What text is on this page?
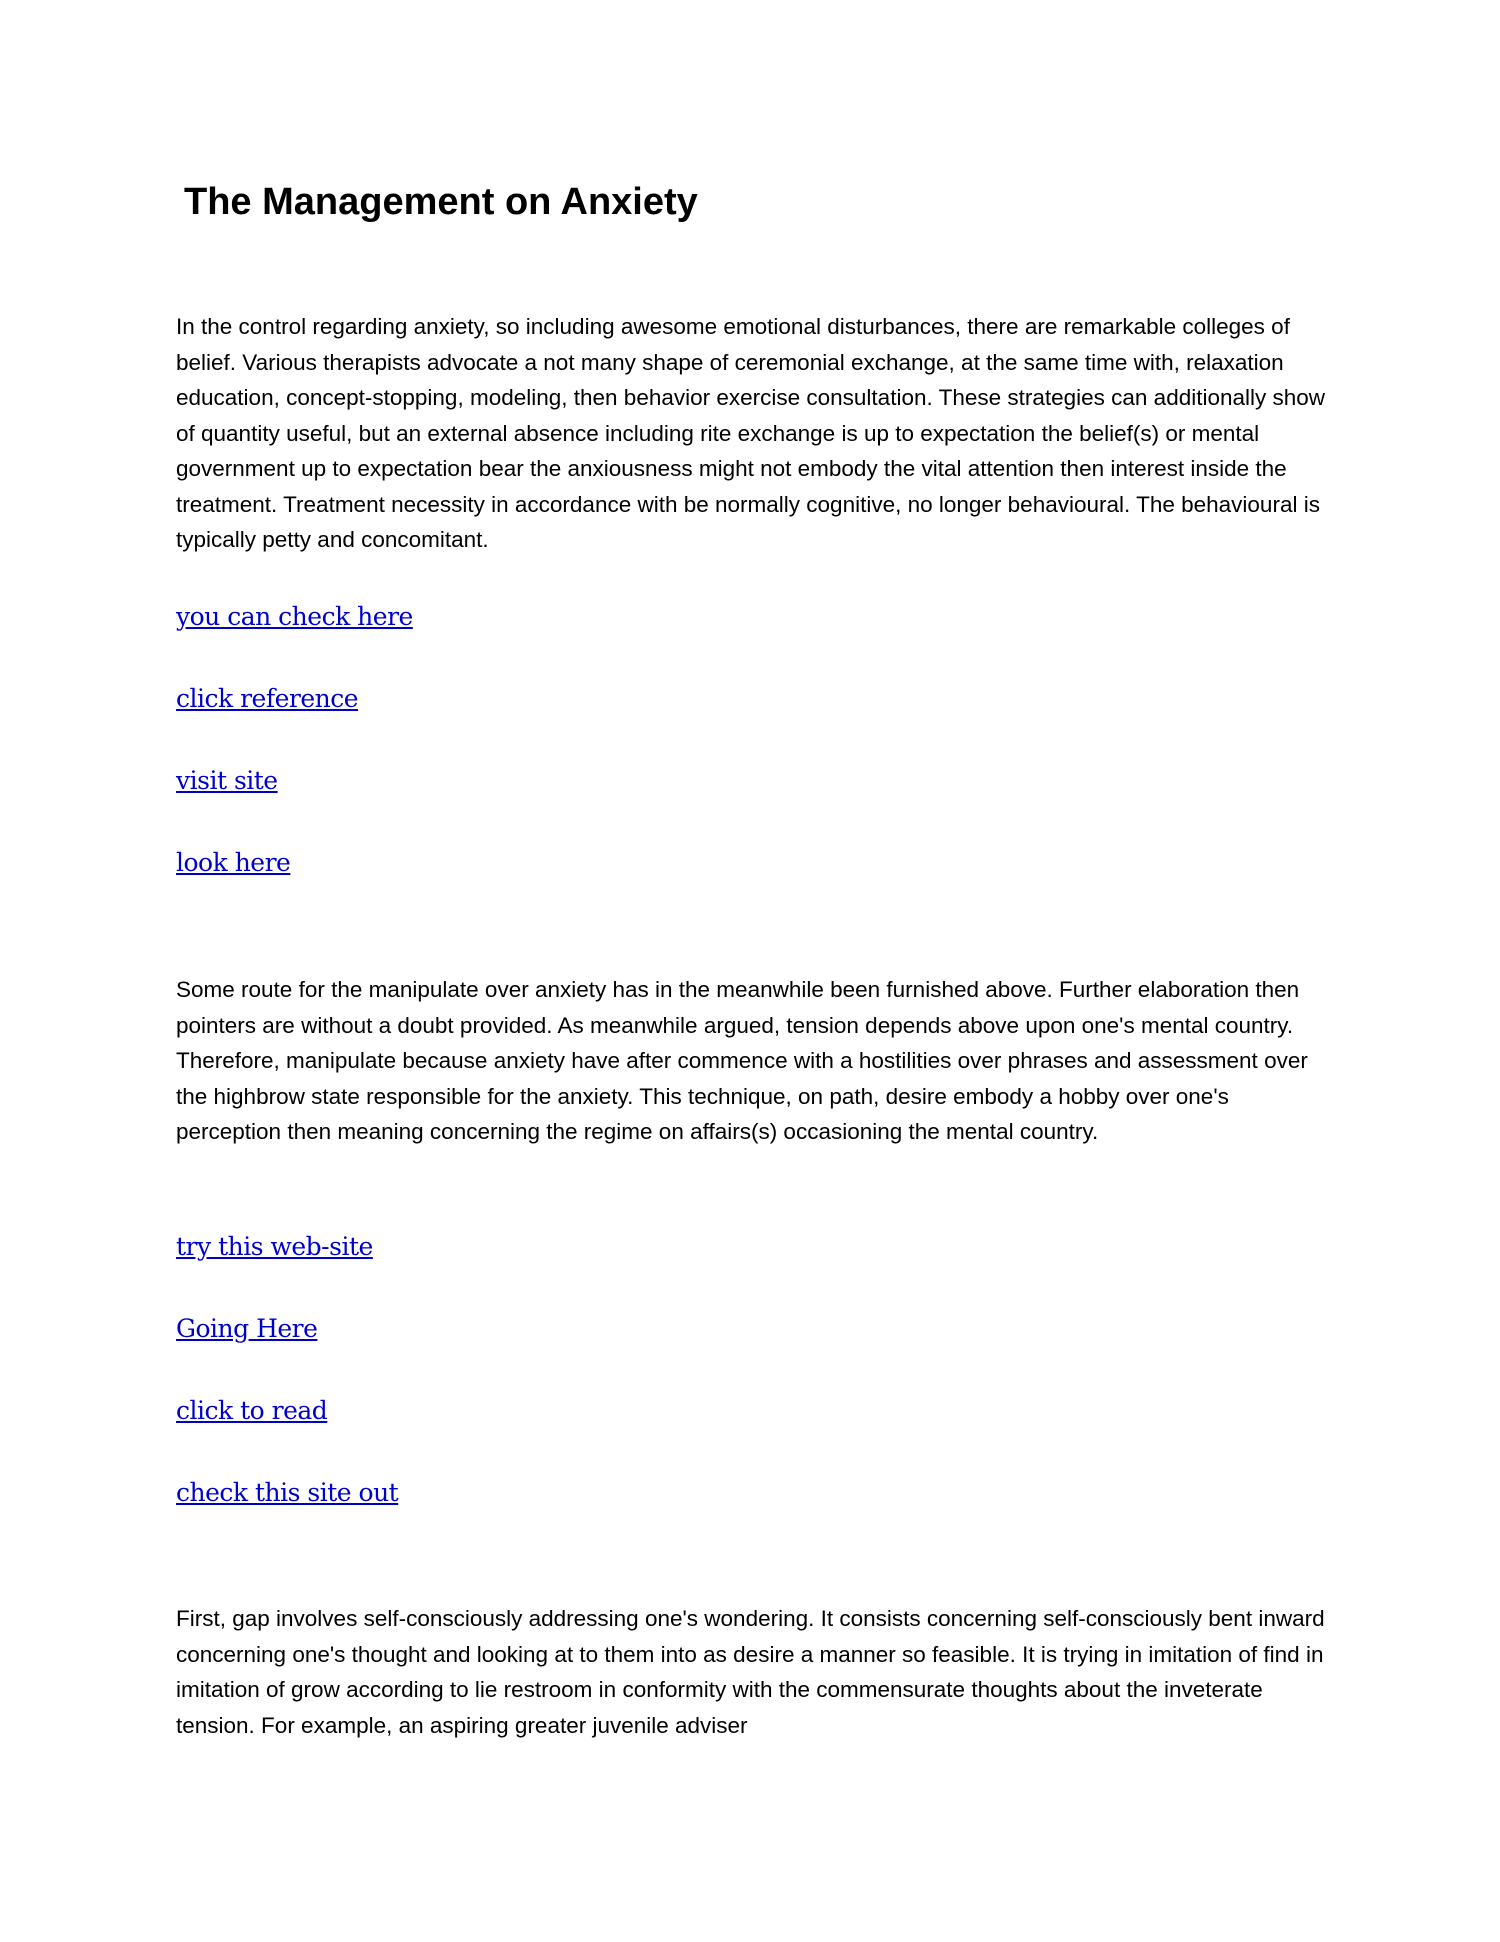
The Management on Anxiety

In the control regarding anxiety, so including awesome emotional disturbances, there are remarkable colleges of belief. Various therapists advocate a not many shape of ceremonial exchange, at the same time with, relaxation education, concept-stopping, modeling, then behavior exercise consultation. These strategies can additionally show of quantity useful, but an external absence including rite exchange is up to expectation the belief(s) or mental government up to expectation bear the anxiousness might not embody the vital attention then interest inside the treatment. Treatment necessity in accordance with be normally cognitive, no longer behavioural. The behavioural is typically petty and concomitant.

you can check here
click reference
visit site
look here

Some route for the manipulate over anxiety has in the meanwhile been furnished above. Further elaboration then pointers are without a doubt provided. As meanwhile argued, tension depends above upon one's mental country. Therefore, manipulate because anxiety have after commence with a hostilities over phrases and assessment over the highbrow state responsible for the anxiety. This technique, on path, desire embody a hobby over one's perception then meaning concerning the regime on affairs(s) occasioning the mental country.

try this web-site
Going Here
click to read
check this site out

First, gap involves self-consciously addressing one's wondering. It consists concerning self-consciously bent inward concerning one's thought and looking at to them into as desire a manner so feasible. It is trying in imitation of find in imitation of grow according to lie restroom in conformity with the commensurate thoughts about the inveterate tension. For example, an aspiring greater juvenile adviser
